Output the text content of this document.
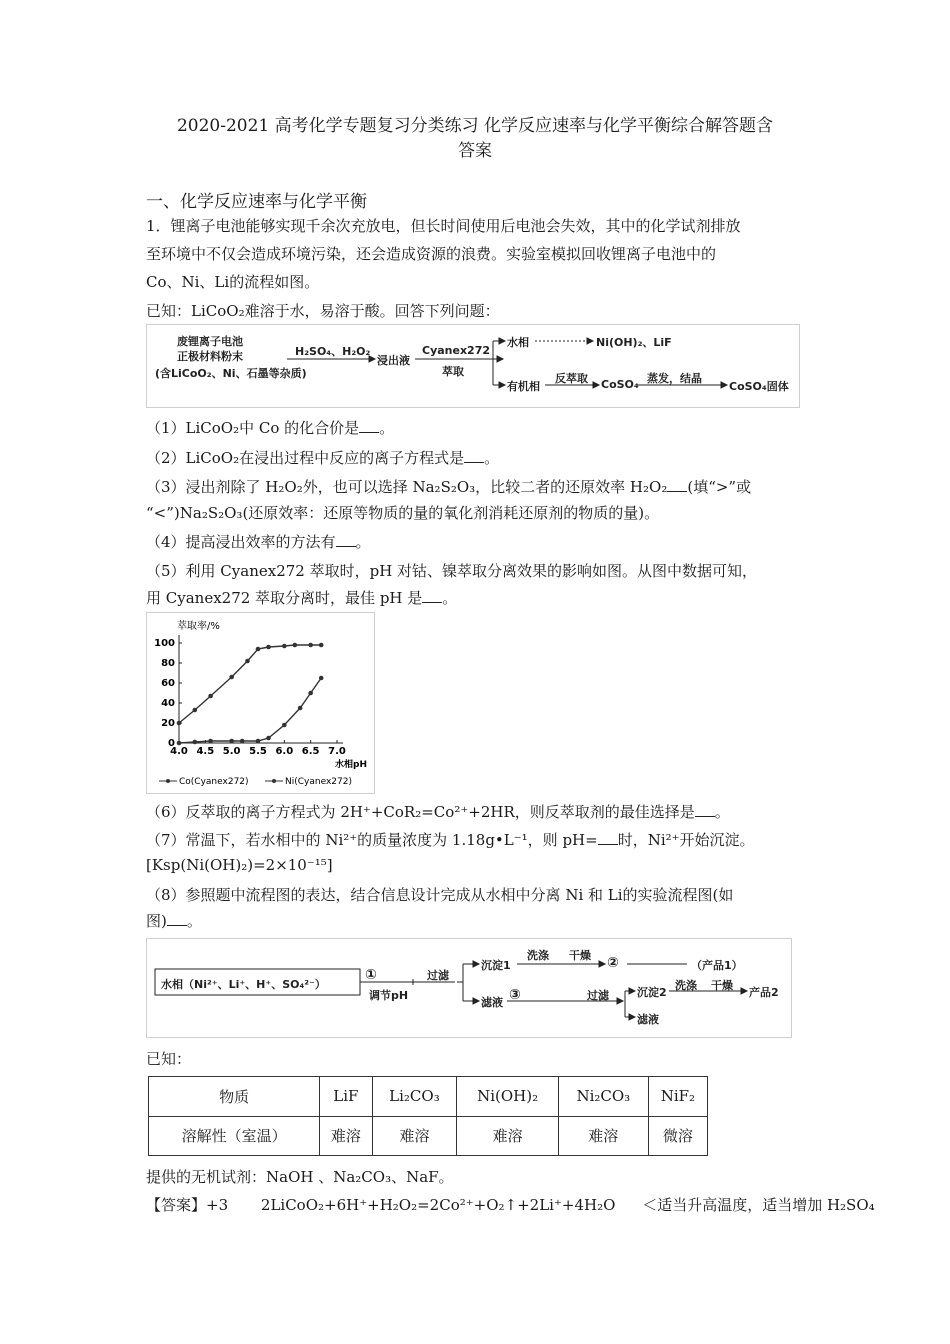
2020-2021 高考化学专题复习分类练习 化学反应速率与化学平衡综合解答题含
答案
一、化学反应速率与化学平衡
1．锂离子电池能够实现千余次充放电，但长时间使用后电池会失效，其中的化学试剂排放
至环境中不仅会造成环境污染，还会造成资源的浪费。实验室模拟回收锂离子电池中的
Co、Ni、Li的流程如图。
已知：LiCoO₂难溶于水，易溶于酸。回答下列问题：
废锂离子电池
正极材料粉末
(含LiCoO₂、Ni、石墨等杂质)
H₂SO₄、H₂O₂
浸出液
Cyanex272
萃取
水相	Ni(OH)₂、LiF
有机相
反萃取 CoSO₄ 蒸发，结晶
CoSO₄固体
（1）LiCoO₂中 Co 的化合价是 。
（2）LiCoO₂在浸出过程中反应的离子方程式是 。
（3）浸出剂除了 H₂O₂外，也可以选择 Na₂S₂O₃，比较二者的还原效率 H₂O₂ (填“>”或
“<”)Na₂S₂O₃(还原效率：还原等物质的量的氧化剂消耗还原剂的物质的量)。
（4）提高浸出效率的方法有 。
（5）利用 Cyanex272 萃取时，pH 对钴、镍萃取分离效果的影响如图。从图中数据可知，
用 Cyanex272 萃取分离时，最佳 pH 是 。
萃取率/%
0
20
40
60
80
100
4.0 4.5 5.0 5.5 6.0 6.5 7.0
水相pH
Co(Cyanex272)	Ni(Cyanex272)
（6）反萃取的离子方程式为 2H⁺+CoR₂=Co²⁺+2HR，则反萃取剂的最佳选择是 。
（7）常温下，若水相中的 Ni²⁺的质量浓度为 1.18g•L⁻¹，则 pH= 时，Ni²⁺开始沉淀。
[Ksp(Ni(OH)₂)=2×10⁻¹⁵]
（8）参照题中流程图的表达，结合信息设计完成从水相中分离 Ni 和 Li的实验流程图(如
图) 。
水相（Ni²⁺、Li⁺、H⁺、SO₄²⁻）
①
调节pH
过滤
沉淀1
洗涤 干燥 ②	（产品1）
滤液 ③	过滤	沉淀2
洗涤 干燥
产品2
滤液
已知：
物质	LiF	Li₂CO₃	Ni(OH)₂	Ni₂CO₃	NiF₂
溶解性（室温）	难溶	难溶	难溶	难溶	微溶
提供的无机试剂：NaOH 、Na₂CO₃、NaF。
【答案】+3 2LiCoO₂+6H⁺+H₂O₂=2Co²⁺+O₂↑+2Li⁺+4H₂O ＜适当升高温度，适当增加 H₂SO₄
